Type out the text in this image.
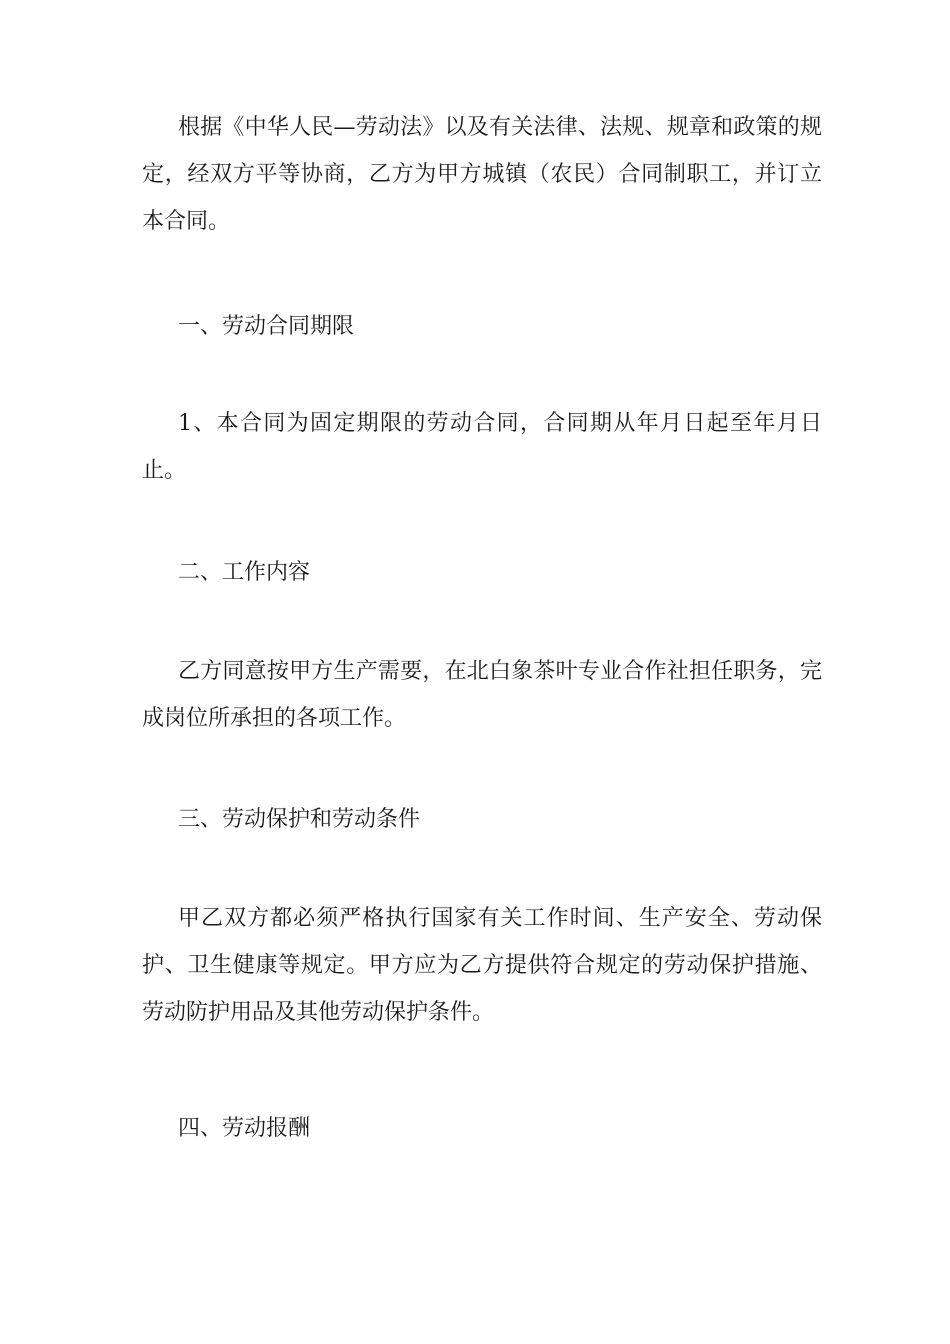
根据《中华人民—劳动法》以及有关法律、法规、规章和政策的规定，经双方平等协商，乙方为甲方城镇（农民）合同制职工，并订立本合同。

一、劳动合同期限

1、本合同为固定期限的劳动合同，合同期从年月日起至年月日止。

二、工作内容

乙方同意按甲方生产需要，在北白象茶叶专业合作社担任职务，完成岗位所承担的各项工作。

三、劳动保护和劳动条件

甲乙双方都必须严格执行国家有关工作时间、生产安全、劳动保护、卫生健康等规定。甲方应为乙方提供符合规定的劳动保护措施、劳动防护用品及其他劳动保护条件。

四、劳动报酬
